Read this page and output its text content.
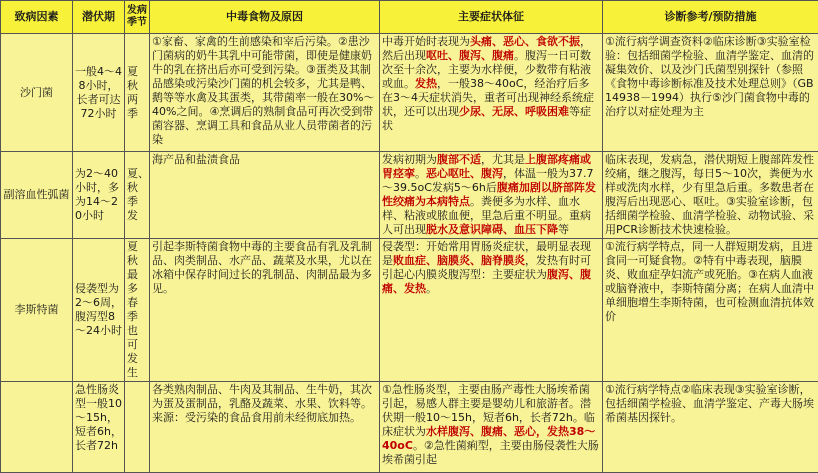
致病因素	潜伏期	发病季节	中毒食物及原因	主要症状体征	诊断参考/预防措施
沙门菌	一般4～48小时，长者可达72小时	夏秋两季	①家畜、家禽的生前感染和宰后污染。②患沙门菌病的奶牛其乳中可能带菌，即使是健康奶牛的乳在挤出后亦可受到污染。③蛋类及其制品感染或污染沙门菌的机会较多，尤其是鸭、鹅等等水禽及其蛋类，其带菌率一般在30%～40%之间。④烹调后的熟制食品可再次受到带菌容器、烹调工具和食品从业人员带菌者的污染	中毒开始时表现为头痛、恶心、食欲不振，然后出现呕吐、腹泻、腹痛。腹泻一日可数次至十余次，主要为水样便，少数带有粘液或血。发热，一般38～40oC，经治疗后多在3～4天症状消失，重者可出现神经系统症状，还可以出现少尿、无尿、呼吸困难等症状	①流行病学调查资料②临床诊断③实验室检验：包括细菌学检验、血清学鉴定、血清的凝集效价、以及沙门氏菌型别探针（参照《食物中毒诊断标准及技术处理总则》（GB14938－1994）执行⑤沙门菌食物中毒的治疗以对症处理为主
副溶血性弧菌	为2～40小时，多为14～20小时	夏、秋季发	海产品和盐渍食品	发病初期为腹部不适，尤其是上腹部疼痛或胃痉挛。恶心呕吐、腹泻，体温一般为37.7～39.5oC发病5～6h后腹痛加剧以脐部阵发性绞痛为本病特点。粪便多为水样、血水样、粘液或脓血便，里急后重不明显。重病人可出现脱水及意识障碍、血压下降等	临床表现，发病急，潜伏期短上腹部阵发性绞痛，继之腹泻，每日5～10次，粪便为水样或洗肉水样，少有里急后重。多数患者在腹泻后出现恶心、呕吐。③实验室诊断，包括细菌学检验、血清学检验、动物试验、采用PCR诊断技术快速检验。
李斯特菌	侵袭型为2～6周，腹泻型8～24小时	夏秋最多春季也可发生	引起李斯特菌食物中毒的主要食品有乳及乳制品、肉类制品、水产品、蔬菜及水果，尤以在冰箱中保存时间过长的乳制品、肉制品最为多见。	侵袭型：开始常用胃肠炎症状，最明显表现是败血症、脑膜炎、脑脊膜炎，发热有时可引起心内膜炎腹泻型：主要症状为腹泻、腹痛、发热。	①流行病学特点，同一人群短期发病，且进食同一可疑食物。②特有中毒表现，脑膜炎、败血症孕妇流产或死胎。③在病人血液或脑脊液中，李斯特菌分离；在病人血清中单细胞增生李斯特菌，也可检测血清抗体效价
	急性肠炎型一般10～15h，短者6h，长者72h		各类熟肉制品、牛肉及其制品、生牛奶，其次为蛋及蛋制品，乳酪及蔬菜、水果、饮料等。来源：受污染的食品食用前未经彻底加热。	①急性肠炎型，主要由肠产毒性大肠埃希菌引起，易感人群主要是婴幼儿和旅游者。潜伏期一般10～15h，短者6h，长者72h。临床症状为水样腹泻、腹痛、恶心，发热38～40oC。②急性菌痢型，主要由肠侵袭性大肠埃希菌引起	①流行病学特点②临床表现③实验室诊断，包括细菌学检验、血清学鉴定、产毒大肠埃希菌基因探针。
